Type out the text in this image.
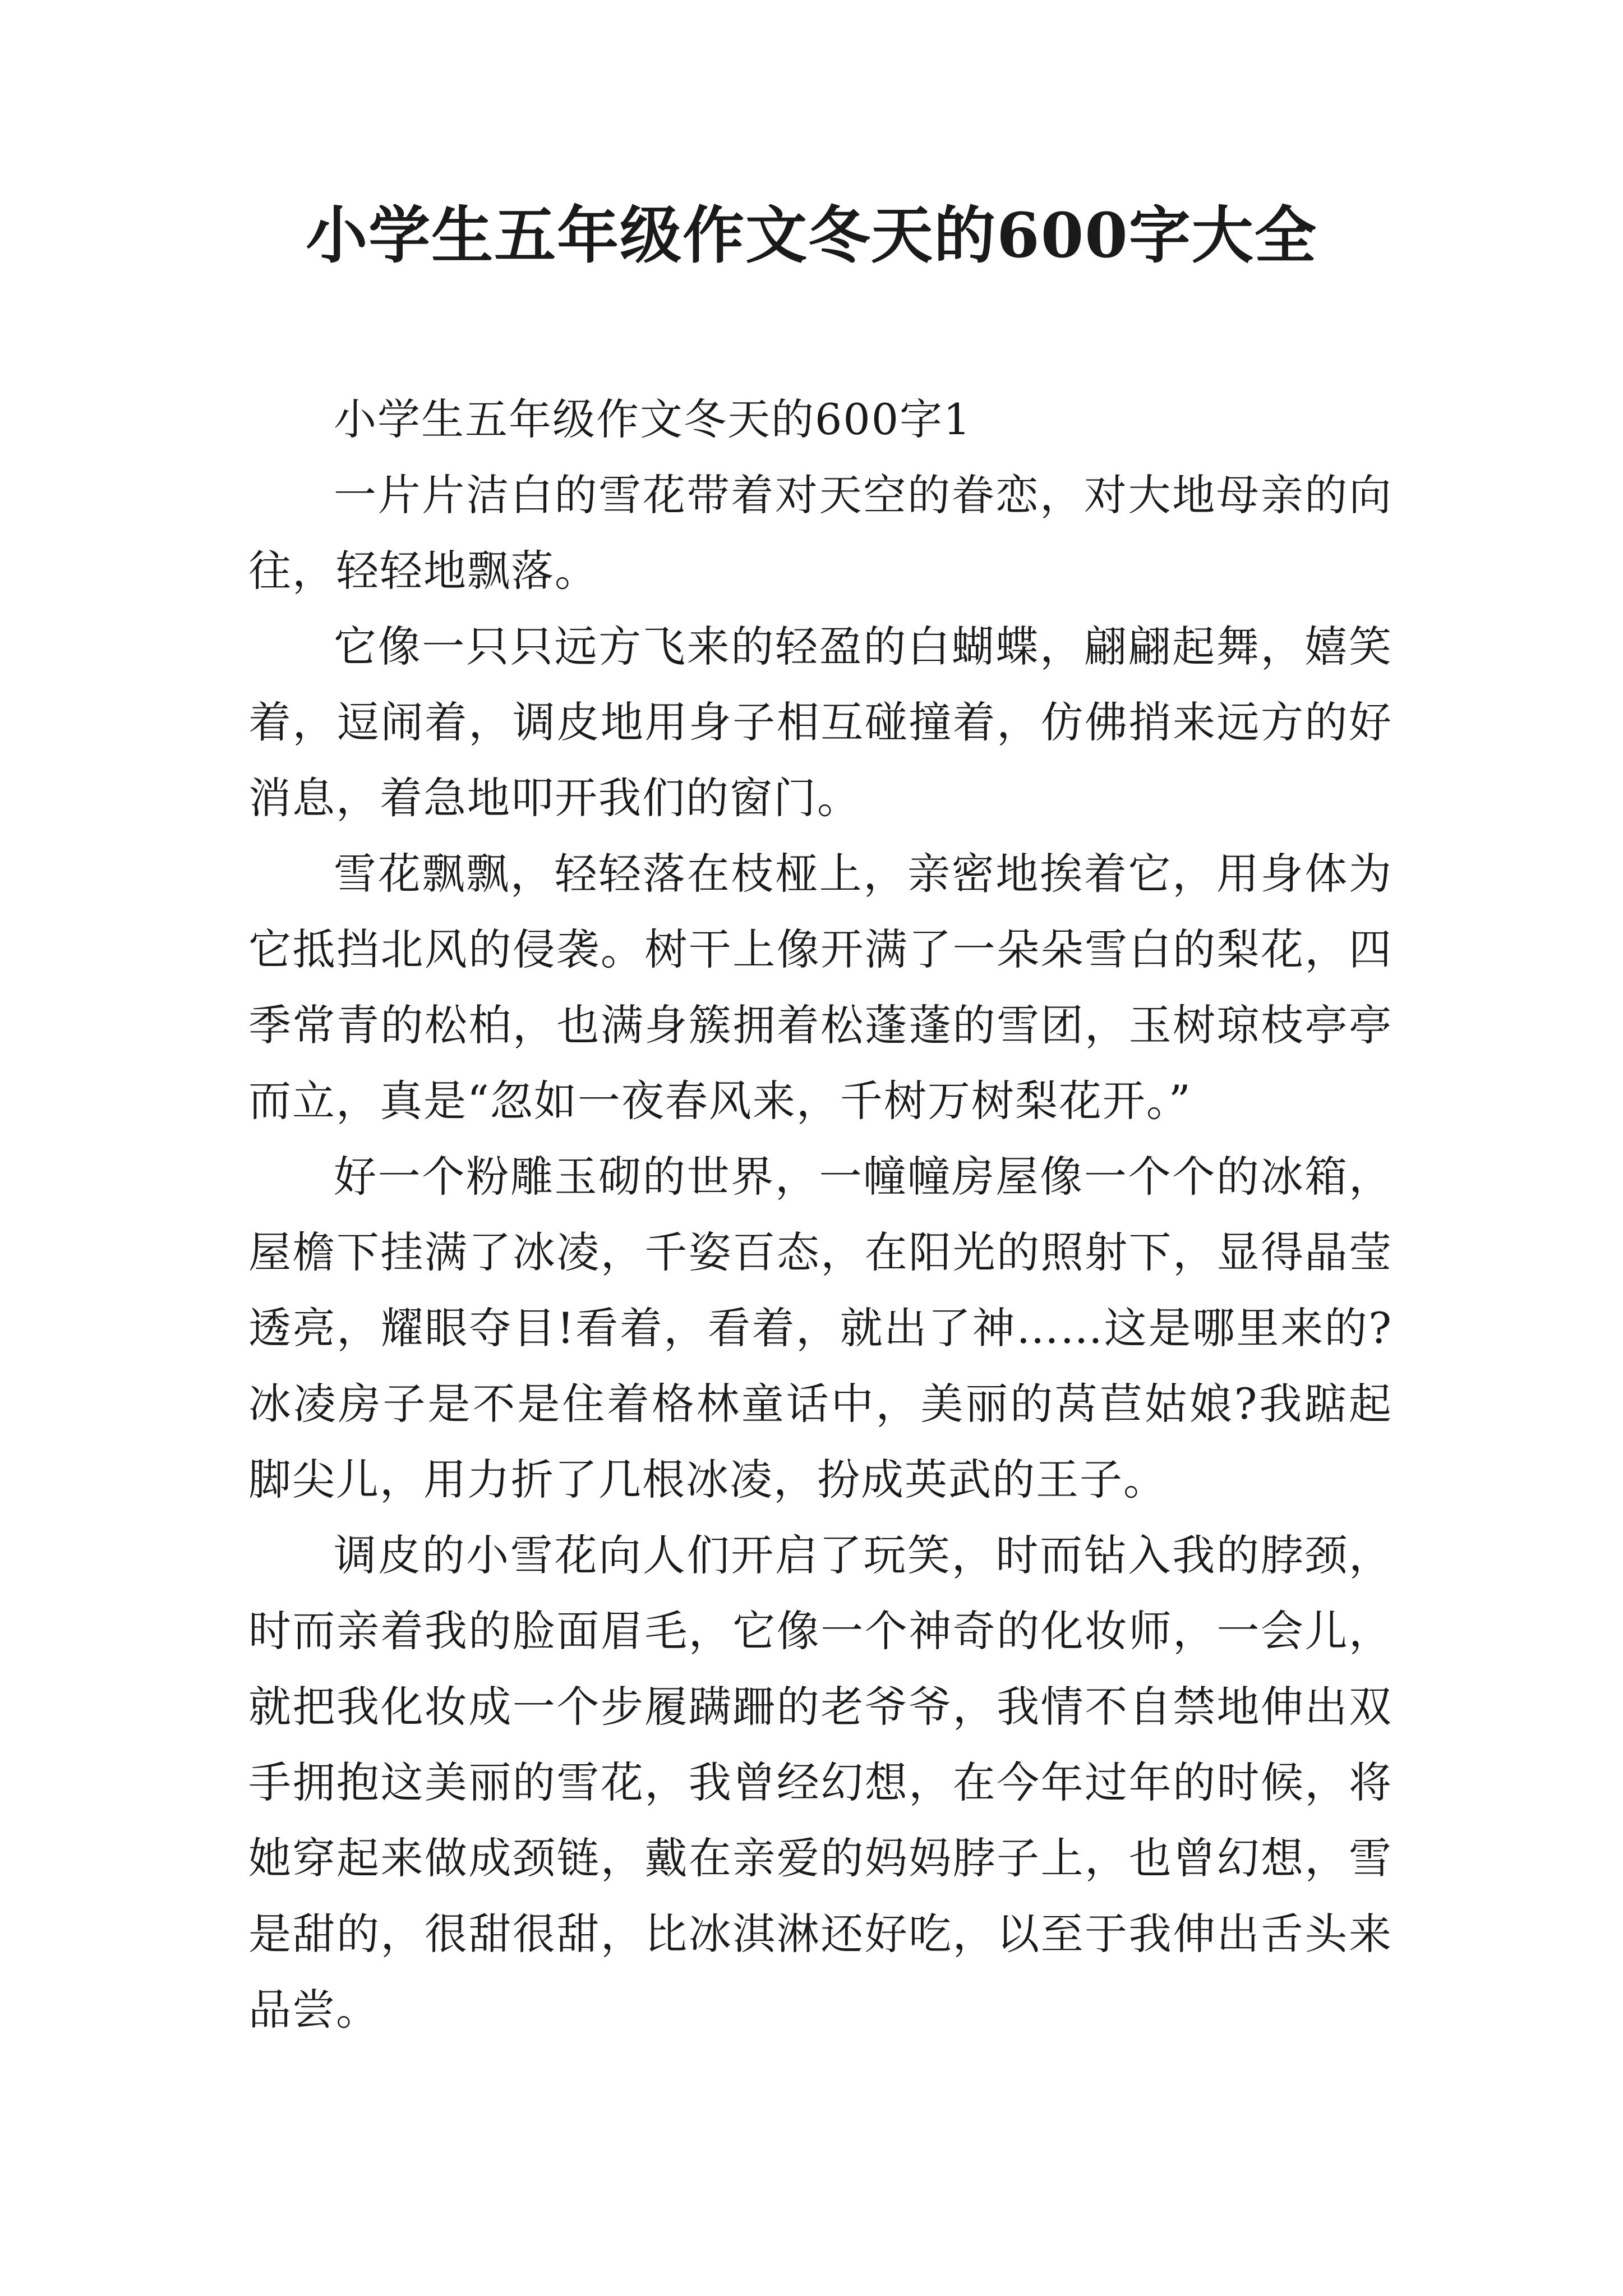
小学生五年级作文冬天的600字大全

小学生五年级作文冬天的600字1

一片片洁白的雪花带着对天空的眷恋，对大地母亲的向往，轻轻地飘落。

它像一只只远方飞来的轻盈的白蝴蝶，翩翩起舞，嬉笑着，逗闹着，调皮地用身子相互碰撞着，仿佛捎来远方的好消息，着急地叩开我们的窗门。

雪花飘飘，轻轻落在枝桠上，亲密地挨着它，用身体为它抵挡北风的侵袭。树干上像开满了一朵朵雪白的梨花，四季常青的松柏，也满身簇拥着松蓬蓬的雪团，玉树琼枝亭亭而立，真是“忽如一夜春风来，千树万树梨花开。”

好一个粉雕玉砌的世界，一幢幢房屋像一个个的冰箱，屋檐下挂满了冰凌，千姿百态，在阳光的照射下，显得晶莹透亮，耀眼夺目!看着，看着，就出了神……这是哪里来的?冰凌房子是不是住着格林童话中，美丽的莴苣姑娘?我踮起脚尖儿，用力折了几根冰凌，扮成英武的王子。

调皮的小雪花向人们开启了玩笑，时而钻入我的脖颈，时而亲着我的脸面眉毛，它像一个神奇的化妆师，一会儿，就把我化妆成一个步履蹒跚的老爷爷，我情不自禁地伸出双手拥抱这美丽的雪花，我曾经幻想，在今年过年的时候，将她穿起来做成颈链，戴在亲爱的妈妈脖子上，也曾幻想，雪是甜的，很甜很甜，比冰淇淋还好吃，以至于我伸出舌头来品尝。
